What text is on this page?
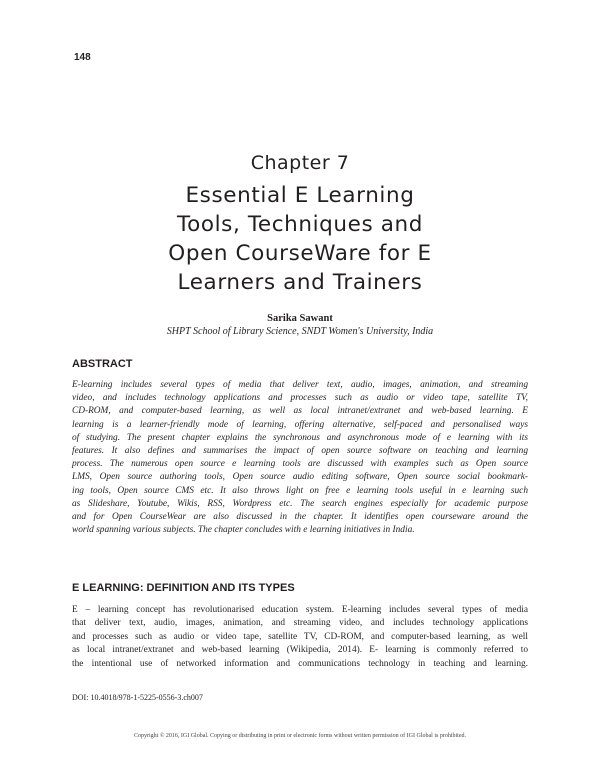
148
Chapter 7
Essential E Learning
Tools, Techniques and
Open CourseWare for E
Learners and Trainers
Sarika Sawant
SHPT School of Library Science, SNDT Women's University, India
ABSTRACT
E-learning includes several types of media that deliver text, audio, images, animation, and streaming
video, and includes technology applications and processes such as audio or video tape, satellite TV,
CD-ROM, and computer-based learning, as well as local intranet/extranet and web-based learning. E
learning is a learner-friendly mode of learning, offering alternative, self-paced and personalised ways
of studying. The present chapter explains the synchronous and asynchronous mode of e learning with its
features. It also defines and summarises the impact of open source software on teaching and learning
process. The numerous open source e learning tools are discussed with examples such as Open source
LMS, Open source authoring tools, Open source audio editing software, Open source social bookmark-
ing tools, Open source CMS etc. It also throws light on free e learning tools useful in e learning such
as Slideshare, Youtube, Wikis, RSS, Wordpress etc. The search engines especially for academic purpose
and for Open CourseWear are also discussed in the chapter. It identifies open courseware around the
world spanning various subjects. The chapter concludes with e learning initiatives in India.
E LEARNING: DEFINITION AND ITS TYPES
E – learning concept has revolutionarised education system. E-learning includes several types of media
that deliver text, audio, images, animation, and streaming video, and includes technology applications
and processes such as audio or video tape, satellite TV, CD-ROM, and computer-based learning, as well
as local intranet/extranet and web-based learning (Wikipedia, 2014). E- learning is commonly referred to
the intentional use of networked information and communications technology in teaching and learning.
DOI: 10.4018/978-1-5225-0556-3.ch007
Copyright © 2016, IGI Global. Copying or distributing in print or electronic forms without written permission of IGI Global is prohibited.
